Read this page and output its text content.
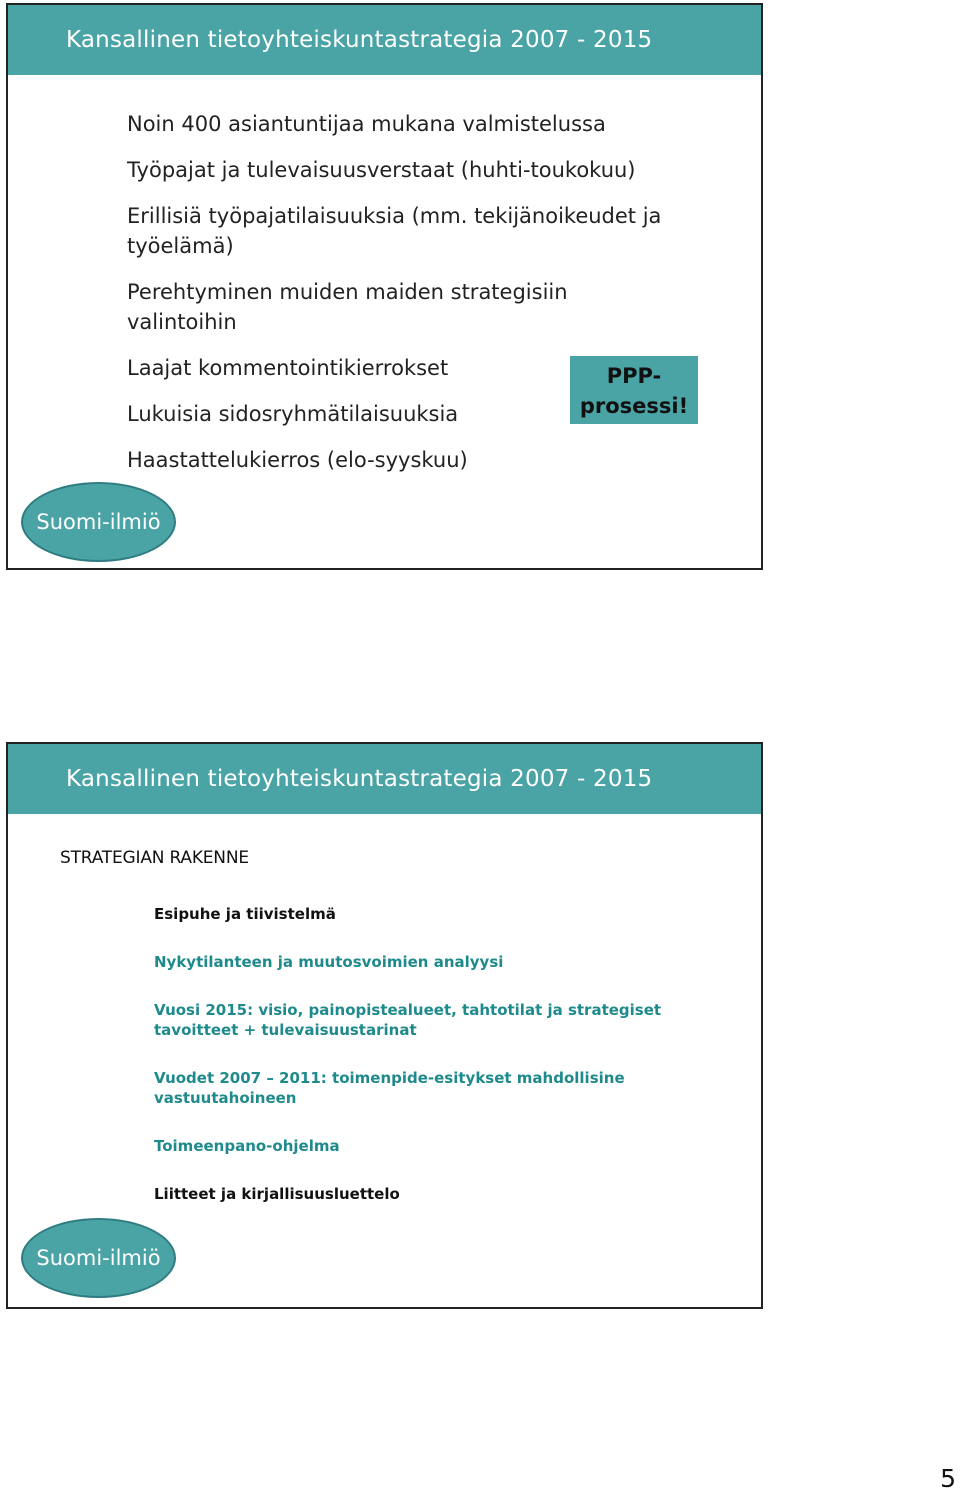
Kansallinen tietoyhteiskuntastrategia 2007 - 2015
Noin 400 asiantuntijaa mukana valmistelussa
Työpajat ja tulevaisuusverstaat (huhti-toukokuu)
Erillisiä työpajatilaisuuksia (mm. tekijänoikeudet ja työelämä)
Perehtyminen muiden maiden strategisiin valintoihin
Laajat kommentointikierrokset
Lukuisia sidosryhmätilaisuuksia
Haastattelukierros (elo-syyskuu)
PPP-prosessi!
Suomi-ilmiö
Kansallinen tietoyhteiskuntastrategia 2007 - 2015
STRATEGIAN RAKENNE
Esipuhe ja tiivistelmä
Nykytilanteen ja muutosvoimien analyysi
Vuosi 2015: visio, painopistealueet, tahtotilat ja strategiset tavoitteet + tulevaisuustarinat
Vuodet 2007 – 2011: toimenpide-esitykset mahdollisine vastuutahoineen
Toimeenpano-ohjelma
Liitteet ja kirjallisuusluettelo
Suomi-ilmiö
5
